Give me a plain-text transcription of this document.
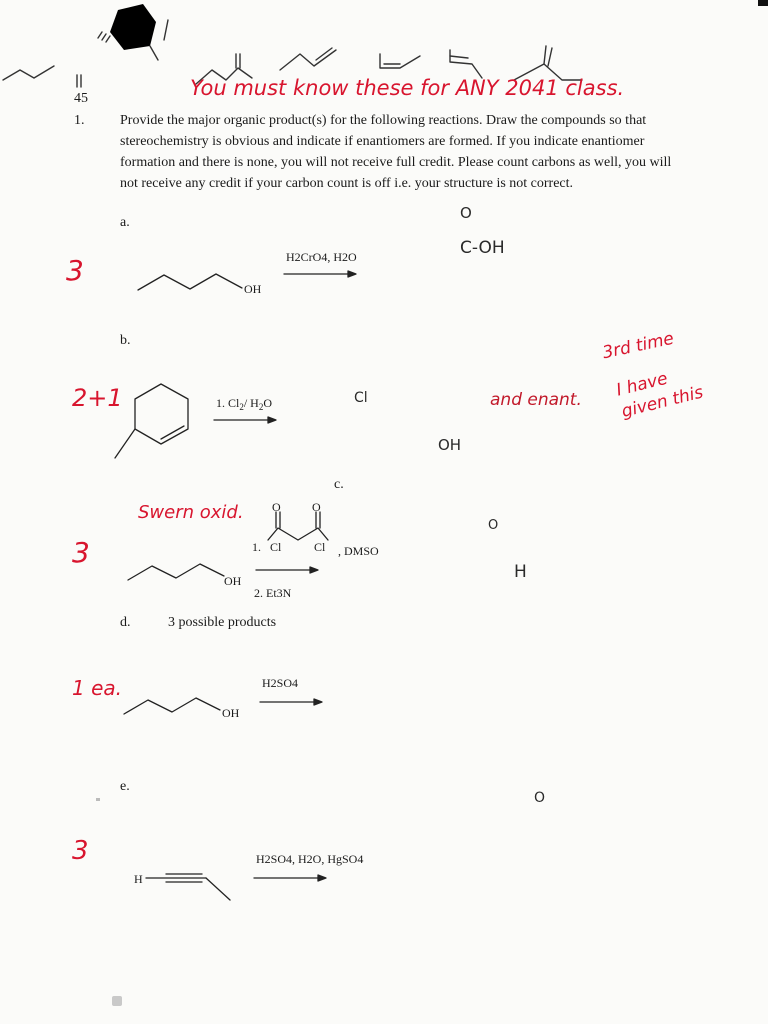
45	You must know these for ANY 2041 class.
1.	Provide the major organic product(s) for the following reactions. Draw the compounds so that stereochemistry is obvious and indicate if enantiomers are formed. If you indicate enantiomer formation and there is none, you will not receive full credit. Please count carbons as well, you will not receive any credit if your carbon count is off i.e. your structure is not correct.
a.
3
OH
H2CrO4, H2O
	C-OH
O

b.
2+1	1. $Cl_2/$ $H_2O$	Cl

OH
and enant.
3rd time
I have given this
c.
Swern oxid.
3
O	O
1. Cl	Cl , DMSO
OH
2. Et3N

O
H
d.	3 possible products
1 ea.
OH
H2SO4

e.
3
H
H2SO4, H2O, HgSO4
O
